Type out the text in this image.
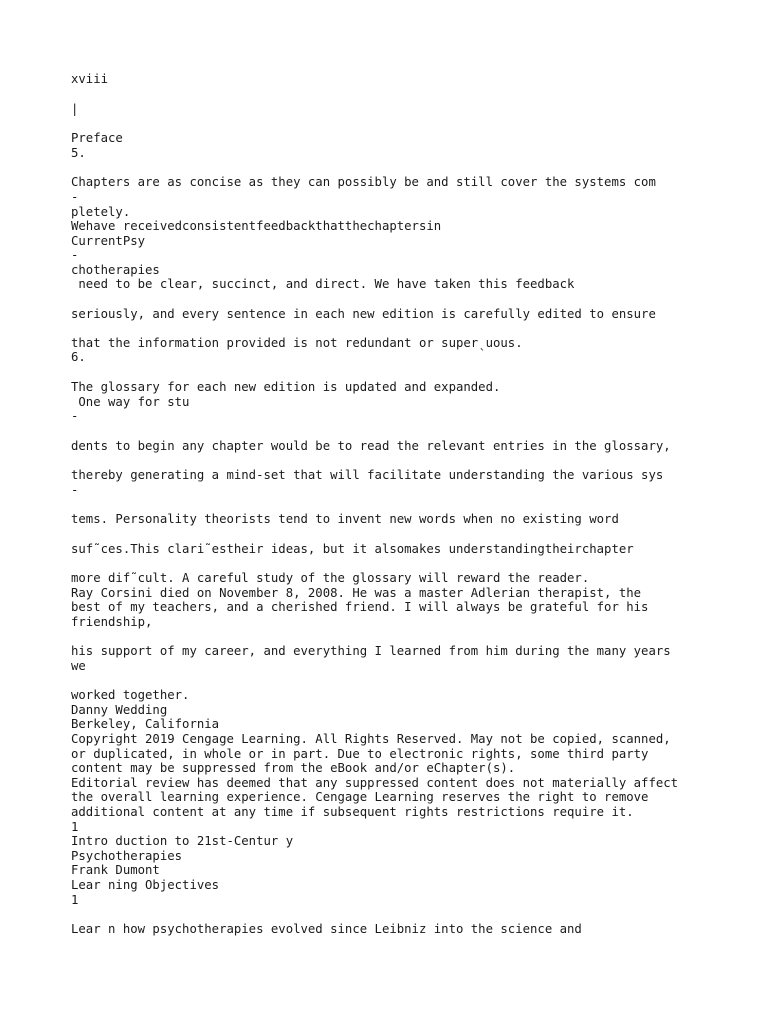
xviii

|

Preface

5.

Chapters are as concise as they can possibly be and still cover the systems com

-

pletely.

Wehave receivedconsistentfeedbackthatthechaptersin

CurrentPsy

-

chotherapies

need to be clear, succinct, and direct. We have taken this feedback

seriously, and every sentence in each new edition is carefully edited to ensure

that the information provided is not redundant or superˎuous.

6.

The glossary for each new edition is updated and expanded.

One way for stu

-

dents to begin any chapter would be to read the relevant entries in the glossary,

thereby generating a mind-set that will facilitate understanding the various sys

-

tems. Personality theorists tend to invent new words when no existing word

suf˜ces.This clari˜estheir ideas, but it alsomakes understandingtheirchapter

more dif˜cult. A careful study of the glossary will reward the reader.

Ray Corsini died on November 8, 2008. He was a master Adlerian therapist, the

best of my teachers, and a cherished friend. I will always be grateful for his

friendship,

his support of my career, and everything I learned from him during the many years

we

worked together.

Danny Wedding

Berkeley, California

Copyright 2019 Cengage Learning. All Rights Reserved. May not be copied, scanned,

or duplicated, in whole or in part. Due to electronic rights, some third party

content may be suppressed from the eBook and/or eChapter(s).

Editorial review has deemed that any suppressed content does not materially affect

the overall learning experience. Cengage Learning reserves the right to remove

additional content at any time if subsequent rights restrictions require it.

1

Intro duction to 21st-Centur y

Psychotherapies

Frank Dumont

Lear ning Objectives

1

Lear n how psychotherapies evolved since Leibniz into the science and
